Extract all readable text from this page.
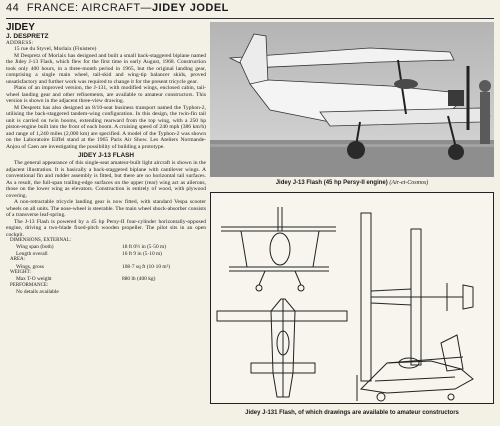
44 FRANCE: AIRCRAFT—JIDEY JODEL

JIDEY

J. DESPRETZ

ADDRESS:

15 rue du Styvel, Morlaix (Finistere)

M Despretz of Morlaix has designed and built a small back-staggered biplane named the Jidey J-13 Flash, which flew for the first time in early August, 1968. Construction took only 400 hours, in a three-month period in 1965, but the original landing gear, comprising a single main wheel, tail-skid and wing-tip balancer skids, proved unsatisfactory and further work was required to change it for the present tricycle gear.

Plans of an improved version, the J-131, with modified wings, enclosed cabin, tail-wheel landing gear and other refinements, are available to amateur constructors. This version is shown in the adjacent three-view drawing.

M Despretz has also designed an 8/10-seat business transport named the Typhon-2, utilising the back-staggered tandem-wing configuration. In this design, the twin-fin tail unit is carried on twin booms, extending rearward from the top wing, with a 250 hp piston-engine built into the front of each boom. A cruising speed of 240 mph (386 km/h) and range of 1,240 miles (2,000 km) are specified. A model of the Typhon-2 was shown on the Laboratoire Eiffel stand at the 1965 Paris Air Show. Les Ateliers Normande-Anjou of Caen are investigating the possibility of building a prototype.

JIDEY J-13 FLASH

The general appearance of this single-seat amateur-built light aircraft is shown in the adjacent illustration. It is basically a back-staggered biplane with cantilever wings. A conventional fin and rudder assembly is fitted, but there are no horizontal tail surfaces. As a result, the full-span trailing-edge surfaces on the upper (rear) wing act as ailerons, those on the lower wing as elevators. Construction is entirely of wood, with plywood covering.

A non-retractable tricycle landing gear is now fitted, with standard Vespa scooter wheels on all units. The nose-wheel is steerable. The main wheel shock-absorber consists of a transverse leaf-spring.

The J-13 Flash is powered by a 45 hp Persy-II four-cylinder horizontally-opposed engine, driving a two-blade fixed-pitch wooden propeller. The pilot sits in an open cockpit.

DIMENSIONS, EXTERNAL:
Wing span (both)	18 ft 0½ in (5·50 m)
Length overall	16 ft 9 in (5·10 m)
AREA:
Wings, gross	108·7 sq ft (10·10 m²)
WEIGHT:
Max T-O weight	880 lb (400 kg)
PERFORMANCE:
No details available
Jidey J-13 Flash (45 hp Persy-II engine) (Air-et-Cosmos)
Jidey J-131 Flash, of which drawings are available to amateur constructors
